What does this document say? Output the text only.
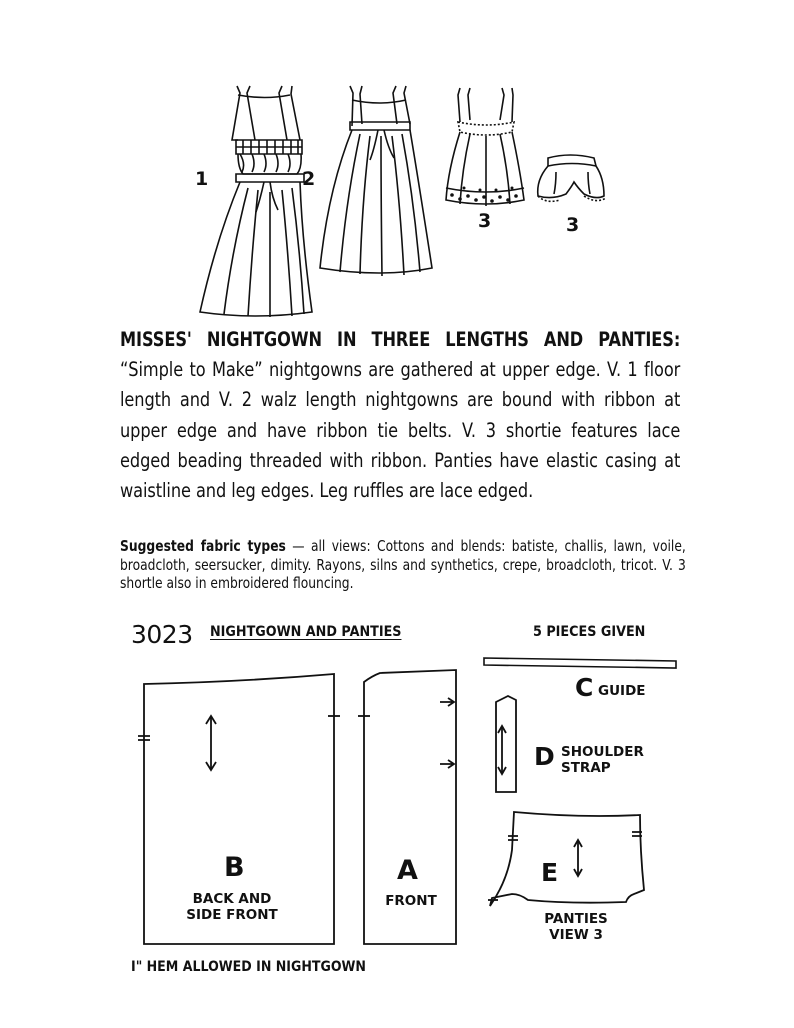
1	2
3	3
MISSES' NIGHTGOWN IN THREE LENGTHS AND PANTIES: “Simple to Make” nightgowns are gathered at upper edge. V. 1 floor length and V. 2 walz length nightgowns are bound with ribbon at upper edge and have ribbon tie belts. V. 3 shortie features lace edged beading threaded with ribbon. Panties have elastic casing at waistline and leg edges. Leg ruffles are lace edged.
Suggested fabric types — all views: Cottons and blends: batiste, challis, lawn, voile, broadcloth, seersucker, dimity. Rayons, silns and synthetics, crepe, broadcloth, tricot. V. 3 shortle also in embroidered flouncing.
3023 NIGHTGOWN AND PANTIES	5 PIECES GIVEN
C GUIDE
B
BACK AND
SIDE FRONT
A
FRONT
D SHOULDER
STRAP
E
PANTIES
VIEW 3
I" HEM ALLOWED IN NIGHTGOWN
